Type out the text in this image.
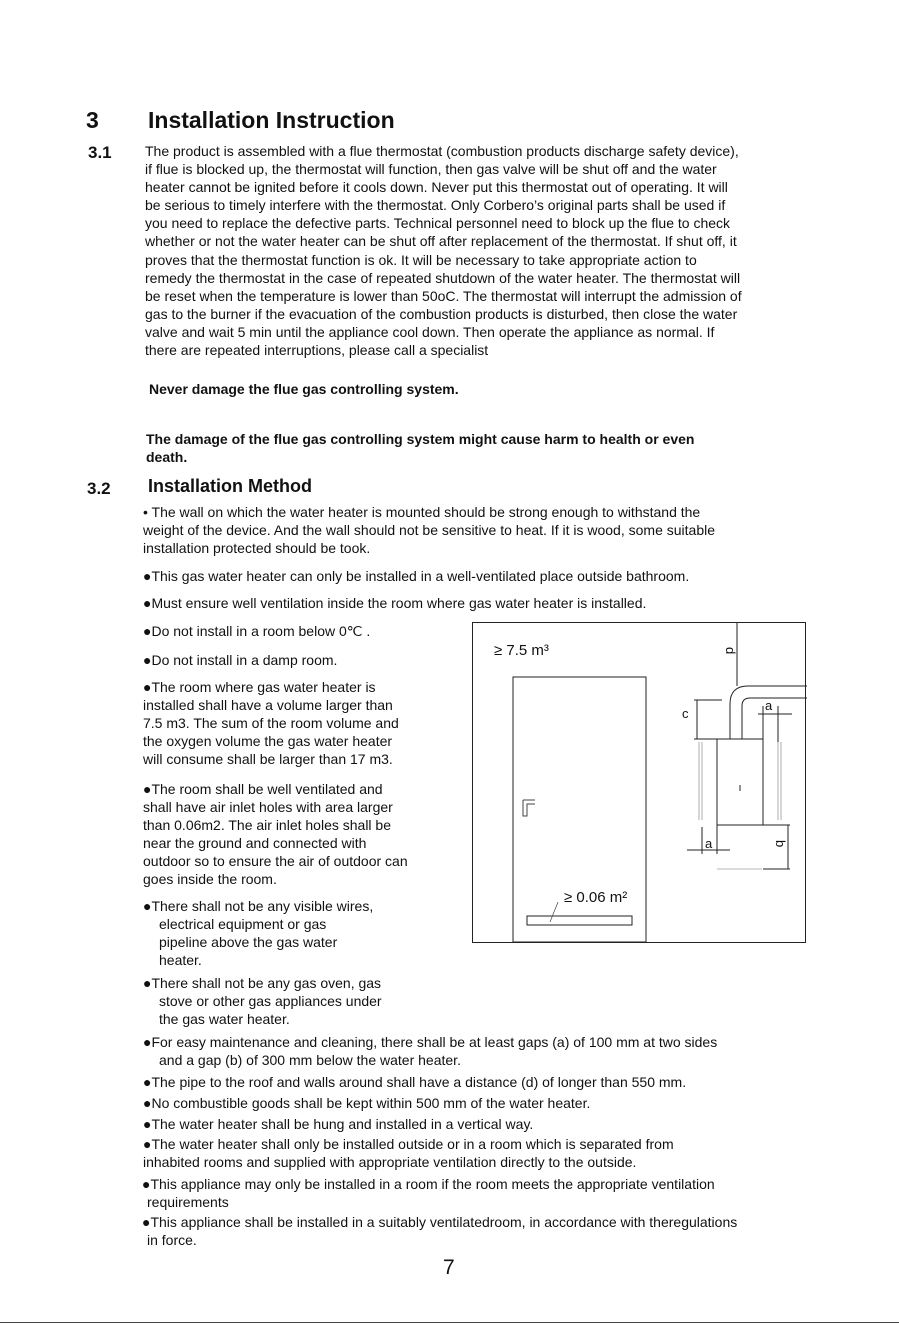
3 Installation Instruction
3.1 The product is assembled with a flue thermostat (combustion products discharge safety device),
if flue is blocked up, the thermostat will function, then gas valve will be shut off and the water
heater cannot be ignited before it cools down. Never put this thermostat out of operating. It will
be serious to timely interfere with the thermostat. Only Corbero’s original parts shall be used if
you need to replace the defective parts. Technical personnel need to block up the flue to check
whether or not the water heater can be shut off after replacement of the thermostat. If shut off, it
proves that the thermostat function is ok. It will be necessary to take appropriate action to
remedy the thermostat in the case of repeated shutdown of the water heater. The thermostat will
be reset when the temperature is lower than 50oC. The thermostat will interrupt the admission of
gas to the burner if the evacuation of the combustion products is disturbed, then close the water
valve and wait 5 min until the appliance cool down. Then operate the appliance as normal. If
there are repeated interruptions, please call a specialist
Never damage the flue gas controlling system.
The damage of the flue gas controlling system might cause harm to health or even
death.
3.2 Installation Method
• The wall on which the water heater is mounted should be strong enough to withstand the
weight of the device. And the wall should not be sensitive to heat. If it is wood, some suitable
installation protected should be took.
●This gas water heater can only be installed in a well-ventilated place outside bathroom.
●Must ensure well ventilation inside the room where gas water heater is installed.
●Do not install in a room below 0℃ .
●Do not install in a damp room.
●The room where gas water heater is
installed shall have a volume larger than
7.5 m3. The sum of the room volume and
the oxygen volume the gas water heater
will consume shall be larger than 17 m3.
●The room shall be well ventilated and
shall have air inlet holes with area larger
than 0.06m2. The air inlet holes shall be
near the ground and connected with
outdoor so to ensure the air of outdoor can
goes inside the room.
●There shall not be any visible wires,
electrical equipment or gas
pipeline above the gas water
heater.
●There shall not be any gas oven, gas
stove or other gas appliances under
the gas water heater.
●For easy maintenance and cleaning, there shall be at least gaps (a) of 100 mm at two sides
and a gap (b) of 300 mm below the water heater.
●The pipe to the roof and walls around shall have a distance (d) of longer than 550 mm.
●No combustible goods shall be kept within 500 mm of the water heater.
●The water heater shall be hung and installed in a vertical way.
●The water heater shall only be installed outside or in a room which is separated from
inhabited rooms and supplied with appropriate ventilation directly to the outside.
●This appliance may only be installed in a room if the room meets the appropriate ventilation
requirements
●This appliance shall be installed in a suitably ventilatedroom, in accordance with theregulations
in force.
≥ 0.06 m²
≥ 7.5 m³	d
c
a
a	b
7
